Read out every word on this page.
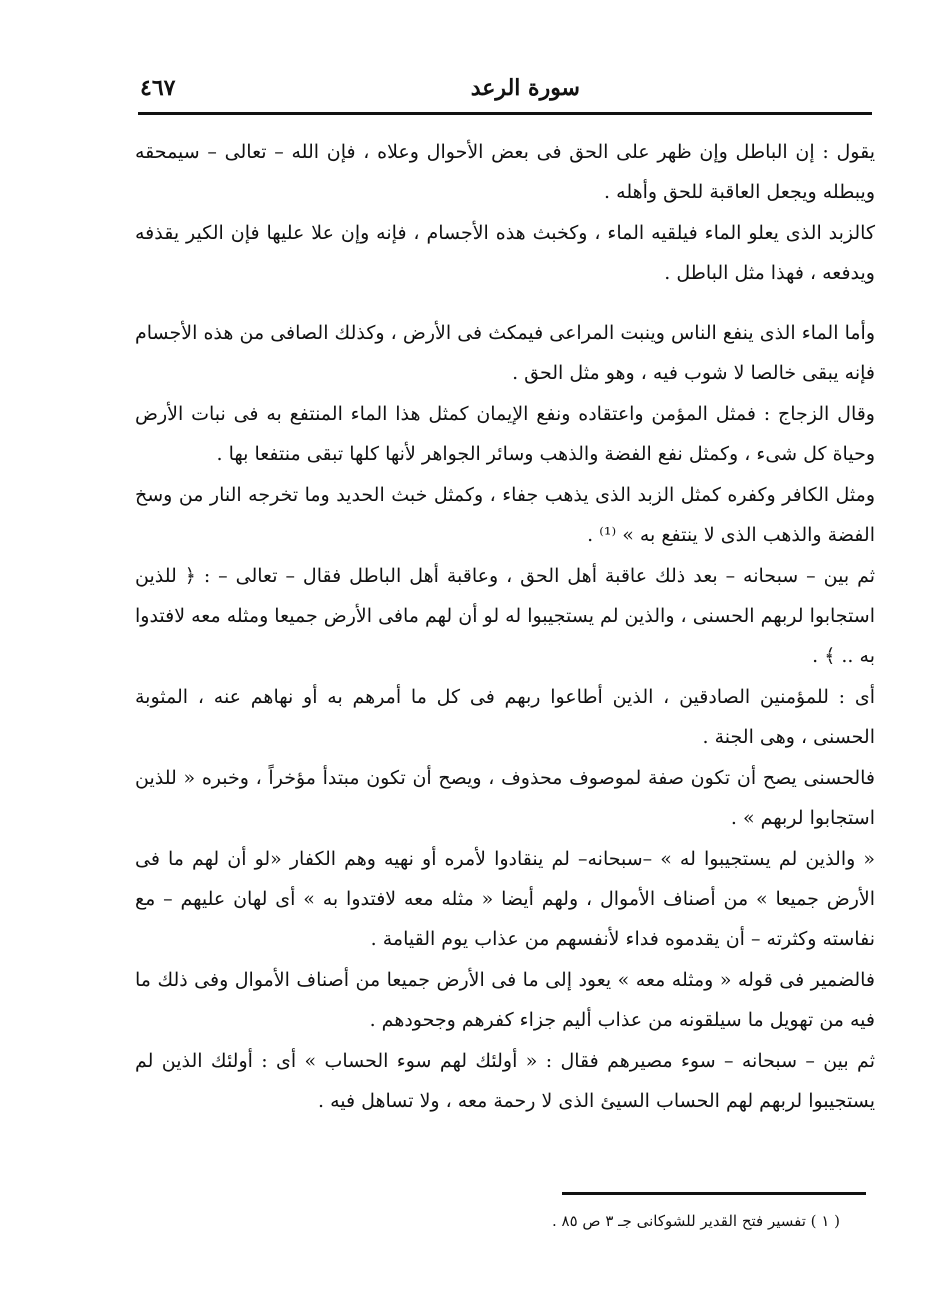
سورة الرعد
٤٦٧

يقول : إن الباطل وإن ظهر على الحق فى بعض الأحوال وعلاه ، فإن الله – تعالى – سيمحقه ويبطله ويجعل العاقبة للحق وأهله .

كالزبد الذى يعلو الماء فيلقيه الماء ، وكخبث هذه الأجسام ، فإنه وإن علا عليها فإن الكير يقذفه ويدفعه ، فهذا مثل الباطل .

وأما الماء الذى ينفع الناس وينبت المراعى فيمكث فى الأرض ، وكذلك الصافى من هذه الأجسام فإنه يبقى خالصا لا شوب فيه ، وهو مثل الحق .

وقال الزجاج : فمثل المؤمن واعتقاده ونفع الإيمان كمثل هذا الماء المنتفع به فى نبات الأرض وحياة كل شىء ، وكمثل نفع الفضة والذهب وسائر الجواهر لأنها كلها تبقى منتفعا بها .

ومثل الكافر وكفره كمثل الزبد الذى يذهب جفاء ، وكمثل خبث الحديد وما تخرجه النار من وسخ الفضة والذهب الذى لا ينتفع به » ⁽¹⁾ .

ثم بين – سبحانه – بعد ذلك عاقبة أهل الحق ، وعاقبة أهل الباطل فقال – تعالى – : ﴿ للذين استجابوا لربهم الحسنى ، والذين لم يستجيبوا له لو أن لهم مافى الأرض جميعا ومثله معه لافتدوا به .. ﴾ .

أى : للمؤمنين الصادقين ، الذين أطاعوا ربهم فى كل ما أمرهم به أو نهاهم عنه ، المثوبة الحسنى ، وهى الجنة .

فالحسنى يصح أن تكون صفة لموصوف محذوف ، ويصح أن تكون مبتدأ مؤخراً ، وخبره « للذين استجابوا لربهم » .

« والذين لم يستجيبوا له » –سبحانه– لم ينقادوا لأمره أو نهيه وهم الكفار «لو أن لهم ما فى الأرض جميعا » من أصناف الأموال ، ولهم أيضا « مثله معه لافتدوا به » أى لهان عليهم – مع نفاسته وكثرته – أن يقدموه فداء لأنفسهم من عذاب يوم القيامة .

فالضمير فى قوله « ومثله معه » يعود إلى ما فى الأرض جميعا من أصناف الأموال وفى ذلك ما فيه من تهويل ما سيلقونه من عذاب أليم جزاء كفرهم وجحودهم .

ثم بين – سبحانه – سوء مصيرهم فقال : « أولئك لهم سوء الحساب » أى : أولئك الذين لم يستجيبوا لربهم لهم الحساب السيئ الذى لا رحمة معه ، ولا تساهل فيه .

( ١ ) تفسير فتح القدير للشوكانى جـ ٣ ص ٨٥ .
